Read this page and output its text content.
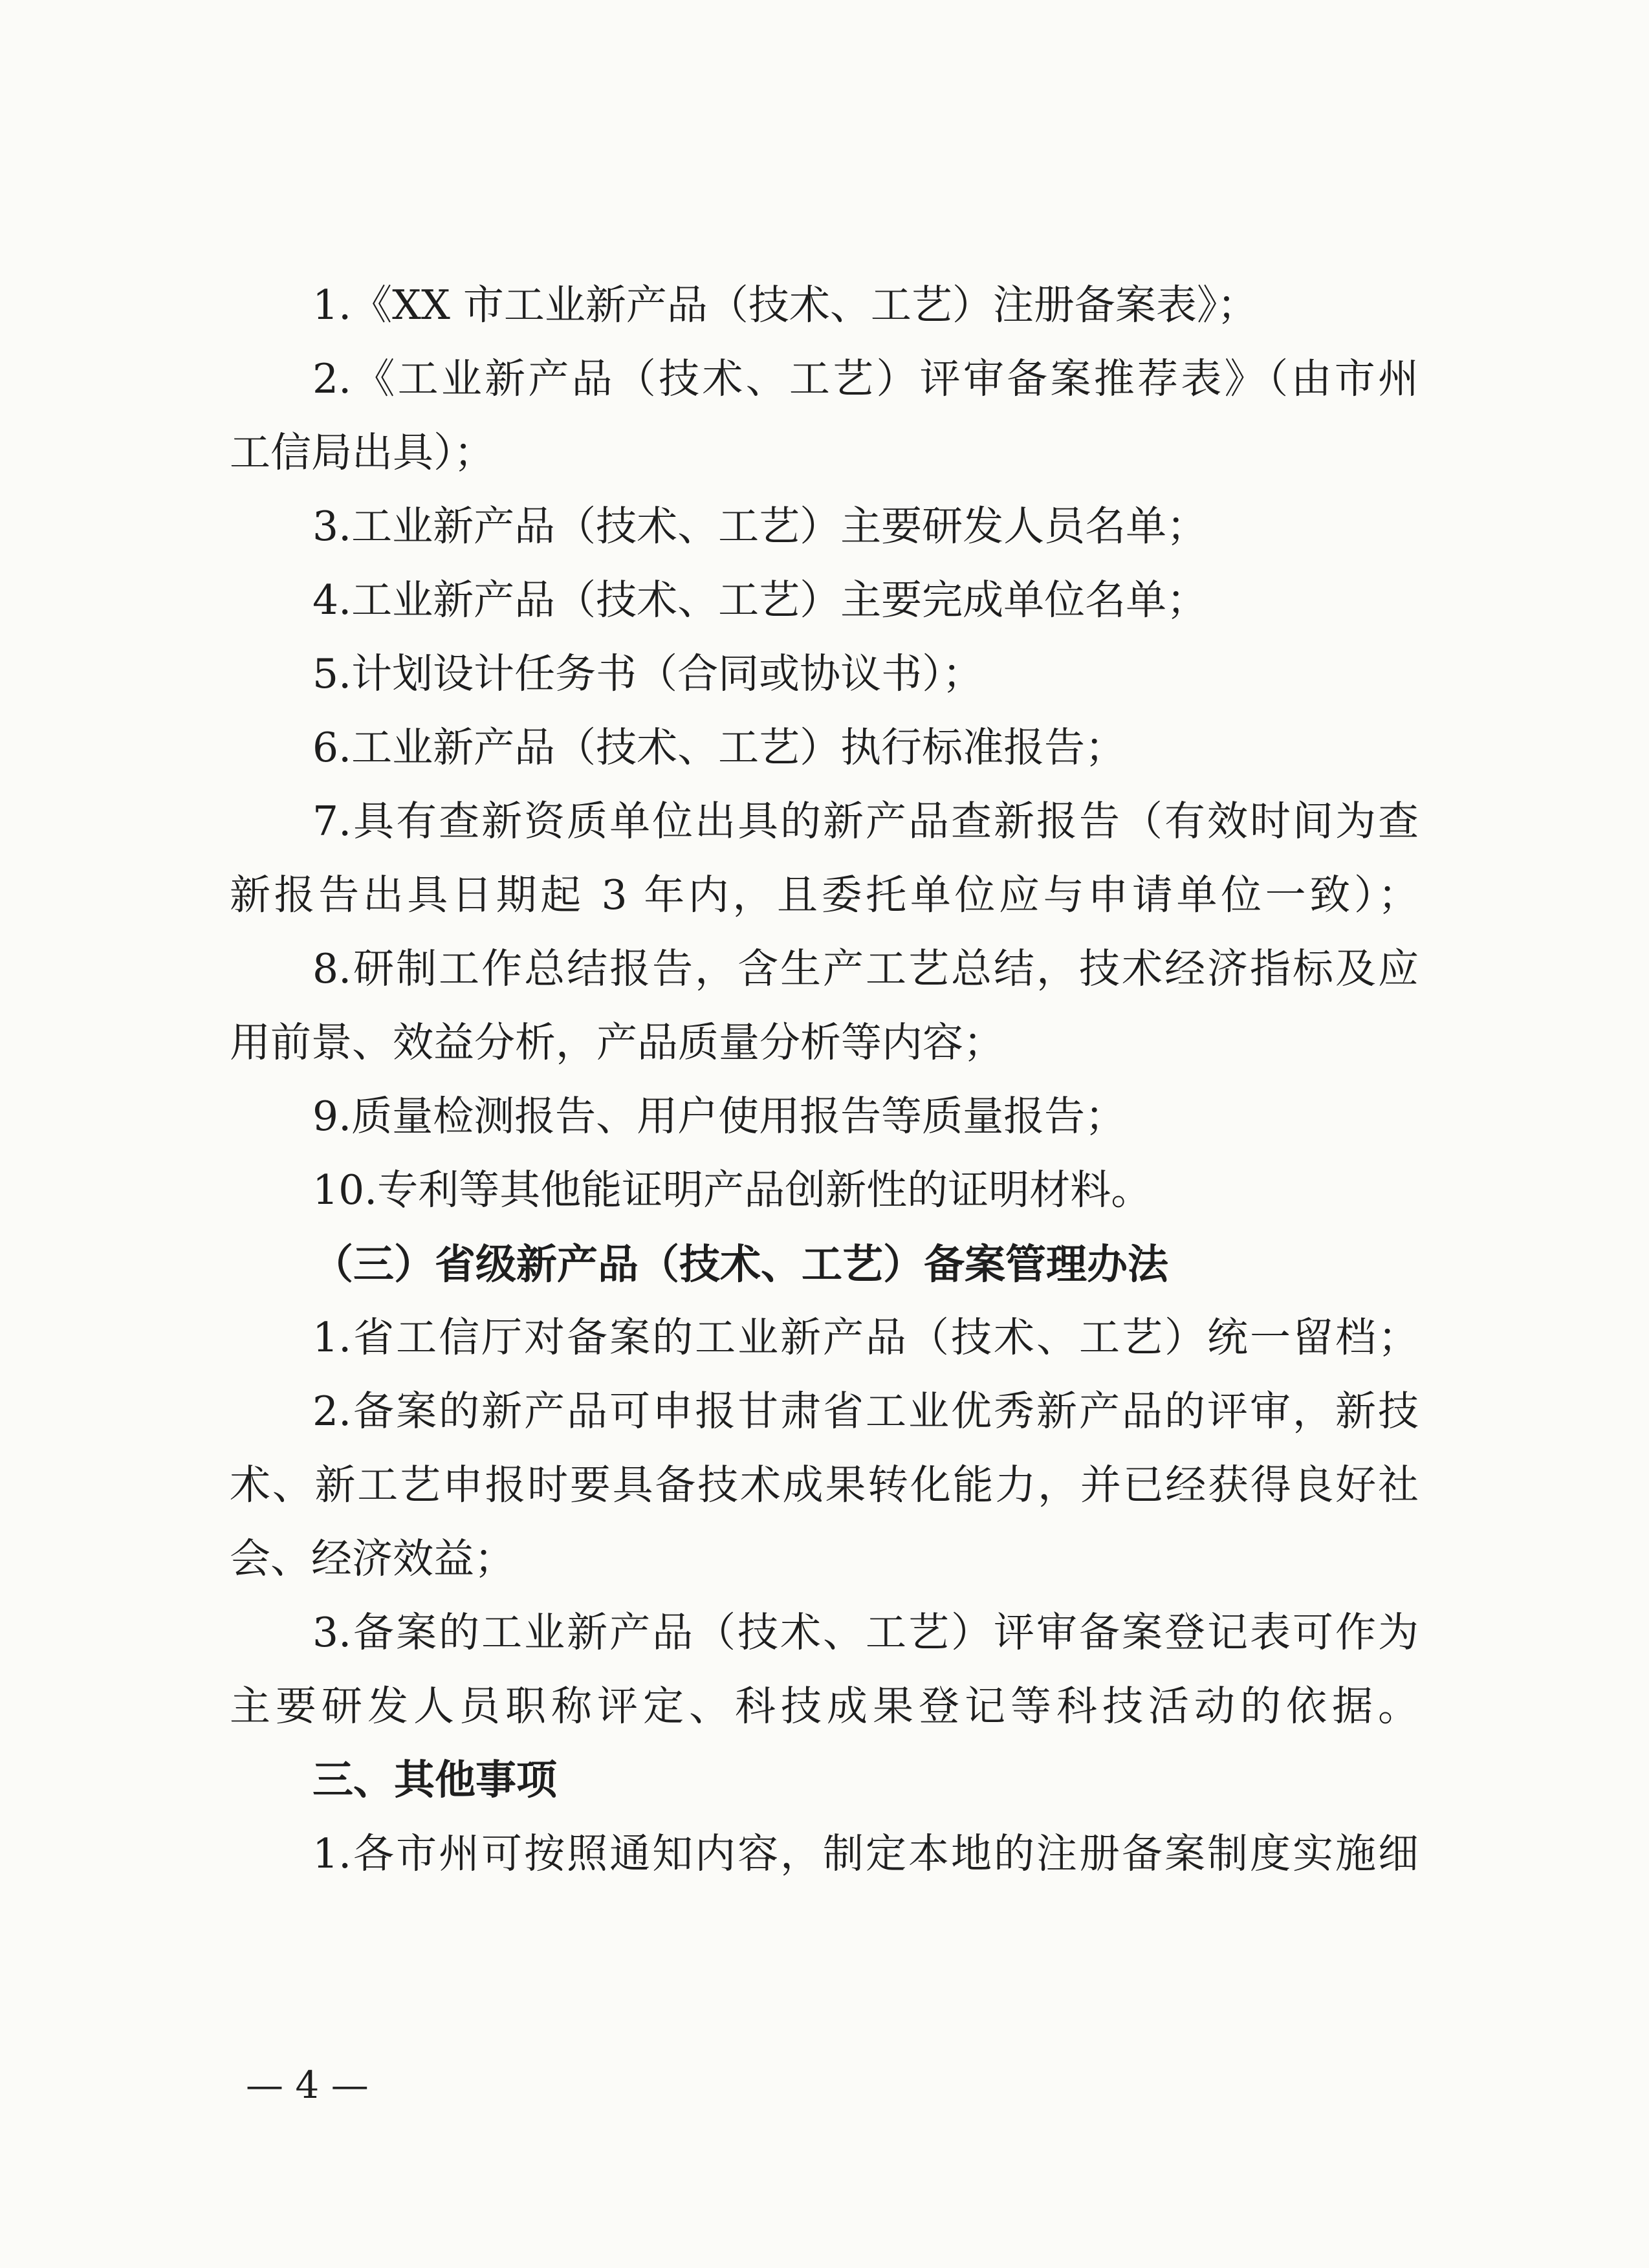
1.《XX 市工业新产品（技术、工艺）注册备案表》；
2.《工业新产品（技术、工艺）评审备案推荐表》（由市州
工信局出具）；
3.工业新产品（技术、工艺）主要研发人员名单；
4.工业新产品（技术、工艺）主要完成单位名单；
5.计划设计任务书（合同或协议书）；
6.工业新产品（技术、工艺）执行标准报告；
7.具有查新资质单位出具的新产品查新报告（有效时间为查
新报告出具日期起 3 年内，且委托单位应与申请单位一致）；
8.研制工作总结报告，含生产工艺总结，技术经济指标及应
用前景、效益分析，产品质量分析等内容；
9.质量检测报告、用户使用报告等质量报告；
10.专利等其他能证明产品创新性的证明材料。
（三）省级新产品（技术、工艺）备案管理办法
1.省工信厅对备案的工业新产品（技术、工艺）统一留档；
2.备案的新产品可申报甘肃省工业优秀新产品的评审，新技
术、新工艺申报时要具备技术成果转化能力，并已经获得良好社
会、经济效益；
3.备案的工业新产品（技术、工艺）评审备案登记表可作为
主要研发人员职称评定、科技成果登记等科技活动的依据。
三、其他事项
1.各市州可按照通知内容，制定本地的注册备案制度实施细
— 4 —
